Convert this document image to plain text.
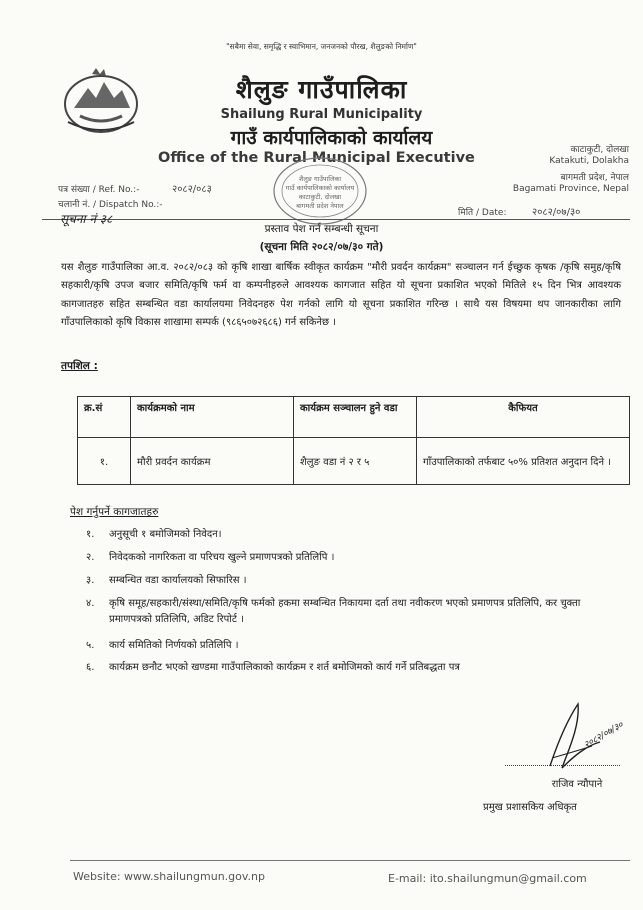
"सबैमा सेवा, समृद्धि र स्वाभिमान, जनजनको पौरख, शैलुङको निर्माण"
शैलुङ गाउँपालिका
Shailung Rural Municipality
गाउँ कार्यपालिकाको कार्यालय
Office of the Rural Municipal Executive	काटाकुटी, दोलखा
Katakuti, Dolakha
बागमती प्रदेश, नेपाल
Bagamati Province, Nepal
पत्र संख्या / Ref. No.:-	२०८२/०८३
चलानी नं. / Dispatch No.:-
मिति / Date:	२०८२/०७/३०
शैलुङ गाउँपालिका
गाउँ कार्यपालिकाको कार्यालय
काटाकुटी, दोलखा
बागमती प्रदेश नेपाल
सूचना नं ३८
प्रस्ताव पेश गर्न सम्बन्धी सूचना
(सूचना मिति २०८२/०७/३० गते)
यस शैलुङ गाउँपालिका आ.व. २०८२/०८३ को कृषि शाखा बार्षिक स्वीकृत कार्यक्रम "मौरी प्रवर्दन कार्यक्रम" सञ्चालन गर्न ईच्छुक कृषक /कृषि समुह/कृषि सहकारी/कृषि उपज बजार समिति/कृषि फर्म वा कम्पनीहरुले आवश्यक कागजात सहित यो सूचना प्रकाशित भएको मितिले १५ दिन भित्र आवश्यक कागजातहरु सहित सम्बन्धित वडा कार्यालयमा निवेदनहरु पेश गर्नको लागि यो सूचना प्रकाशित गरिन्छ । साथै यस विषयमा थप जानकारीका लागि गाँउपालिकाको कृषि विकास शाखामा सम्पर्क (९८६५०७२६८६) गर्न सकिनेछ ।
तपशिल :
क्र.सं	कार्यक्रमको नाम	कार्यक्रम सञ्चालन हुने वडा	कैफियत
१.	मौरी प्रवर्दन कार्यक्रम	शैलुङ वडा नं २ र ५	गाँउपालिकाको तर्फबाट ५०% प्रतिशत अनुदान दिने ।
पेश गर्नुपर्ने कागजातहरु
१. अनुसूची १ बमोजिमको निवेदन।
२. निवेदकको नागरिकता वा परिचय खुल्ने प्रमाणपत्रको प्रतिलिपि ।
३. सम्बन्धित वडा कार्यालयको सिफारिस ।
४.	कृषि समूह/सहकारी/संस्था/समिति/कृषि फर्मको हकमा सम्बन्धित निकायमा दर्ता तथा नवीकरण भएको प्रमाणपत्र प्रतिलिपि, कर चुक्ता प्रमाणपत्रको प्रतिलिपि, अडिट रिपोर्ट ।
५. कार्य समितिको निर्णयको प्रतिलिपि ।
६. कार्यक्रम छनौट भएको खण्डमा गाउँपालिकाको कार्यक्रम र शर्त बमोजिमको कार्य गर्ने प्रतिबद्धता पत्र
२०८२/०७/३०
राजिव न्यौपाने
प्रमुख प्रशासकिय अधिकृत
Website: www.shailungmun.gov.np	E-mail: ito.shailungmun@gmail.com
